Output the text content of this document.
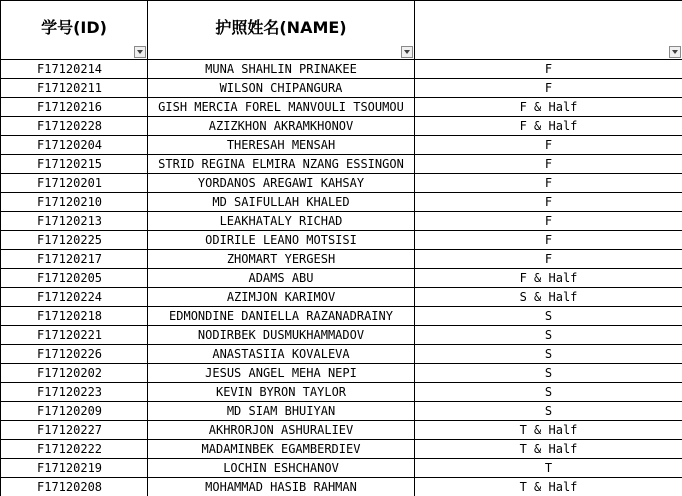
学号(ID)	护照姓名(NAME)

F17120214	MUNA SHAHLIN PRINAKEE	F
F17120211	WILSON CHIPANGURA	F
F17120216	GISH MERCIA FOREL MANVOULI TSOUMOU	F & Half
F17120228	AZIZKHON AKRAMKHONOV	F & Half
F17120204	THERESAH MENSAH	F
F17120215	STRID REGINA ELMIRA NZANG ESSINGON	F
F17120201	YORDANOS AREGAWI KAHSAY	F
F17120210	MD SAIFULLAH KHALED	F
F17120213	LEAKHATALY RICHAD	F
F17120225	ODIRILE LEANO MOTSISI	F
F17120217	ZHOMART YERGESH	F
F17120205	ADAMS ABU	F & Half
F17120224	AZIMJON KARIMOV	S & Half
F17120218	EDMONDINE DANIELLA RAZANADRAINY	S
F17120221	NODIRBEK DUSMUKHAMMADOV	S
F17120226	ANASTASIIA KOVALEVA	S
F17120202	JESUS ANGEL MEHA NEPI	S
F17120223	KEVIN BYRON TAYLOR	S
F17120209	MD SIAM BHUIYAN	S
F17120227	AKHRORJON ASHURALIEV	T & Half
F17120222	MADAMINBEK EGAMBERDIEV	T & Half
F17120219	LOCHIN ESHCHANOV	T
F17120208	MOHAMMAD HASIB RAHMAN	T & Half
